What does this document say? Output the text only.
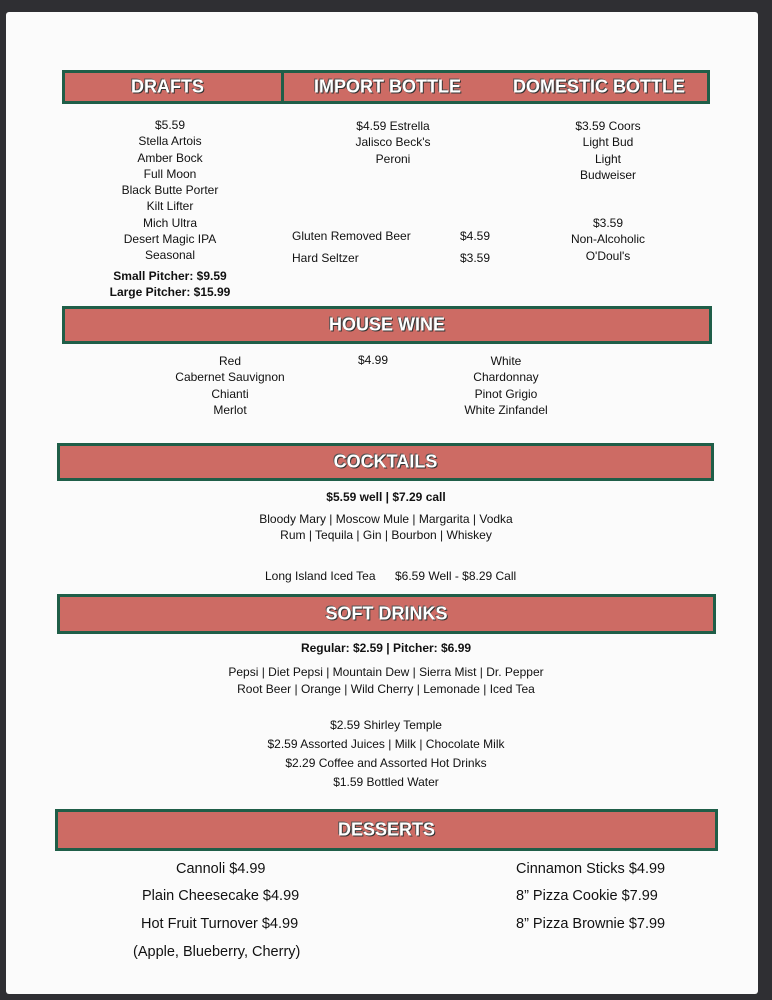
DRAFTS	IMPORT BOTTLE	DOMESTIC BOTTLE
$5.59
Stella Artois
Amber Bock
Full Moon
Black Butte Porter
Kilt Lifter
Mich Ultra
Desert Magic IPA
Seasonal
Small Pitcher: $9.59
Large Pitcher: $15.99
$4.59 Estrella
Jalisco Beck's
Peroni
Gluten Removed Beer	$4.59
Hard Seltzer	$3.59
$3.59 Coors
Light Bud
Light
Budweiser
$3.59
Non-Alcoholic
O'Doul's
HOUSE WINE
Red
Cabernet Sauvignon
Chianti
Merlot
$4.99	White
Chardonnay
Pinot Grigio
White Zinfandel
COCKTAILS
$5.59 well | $7.29 call
Bloody Mary | Moscow Mule | Margarita | Vodka
Rum | Tequila | Gin | Bourbon | Whiskey
Long Island Iced Tea $6.59 Well - $8.29 Call
SOFT DRINKS
Regular: $2.59 | Pitcher: $6.99
Pepsi | Diet Pepsi | Mountain Dew | Sierra Mist | Dr. Pepper
Root Beer | Orange | Wild Cherry | Lemonade | Iced Tea
$2.59 Shirley Temple
$2.59 Assorted Juices | Milk | Chocolate Milk
$2.29 Coffee and Assorted Hot Drinks
$1.59 Bottled Water
DESSERTS
Cannoli $4.99
Plain Cheesecake $4.99
Hot Fruit Turnover $4.99
(Apple, Blueberry, Cherry)
Cinnamon Sticks $4.99
8” Pizza Cookie $7.99
8” Pizza Brownie $7.99
